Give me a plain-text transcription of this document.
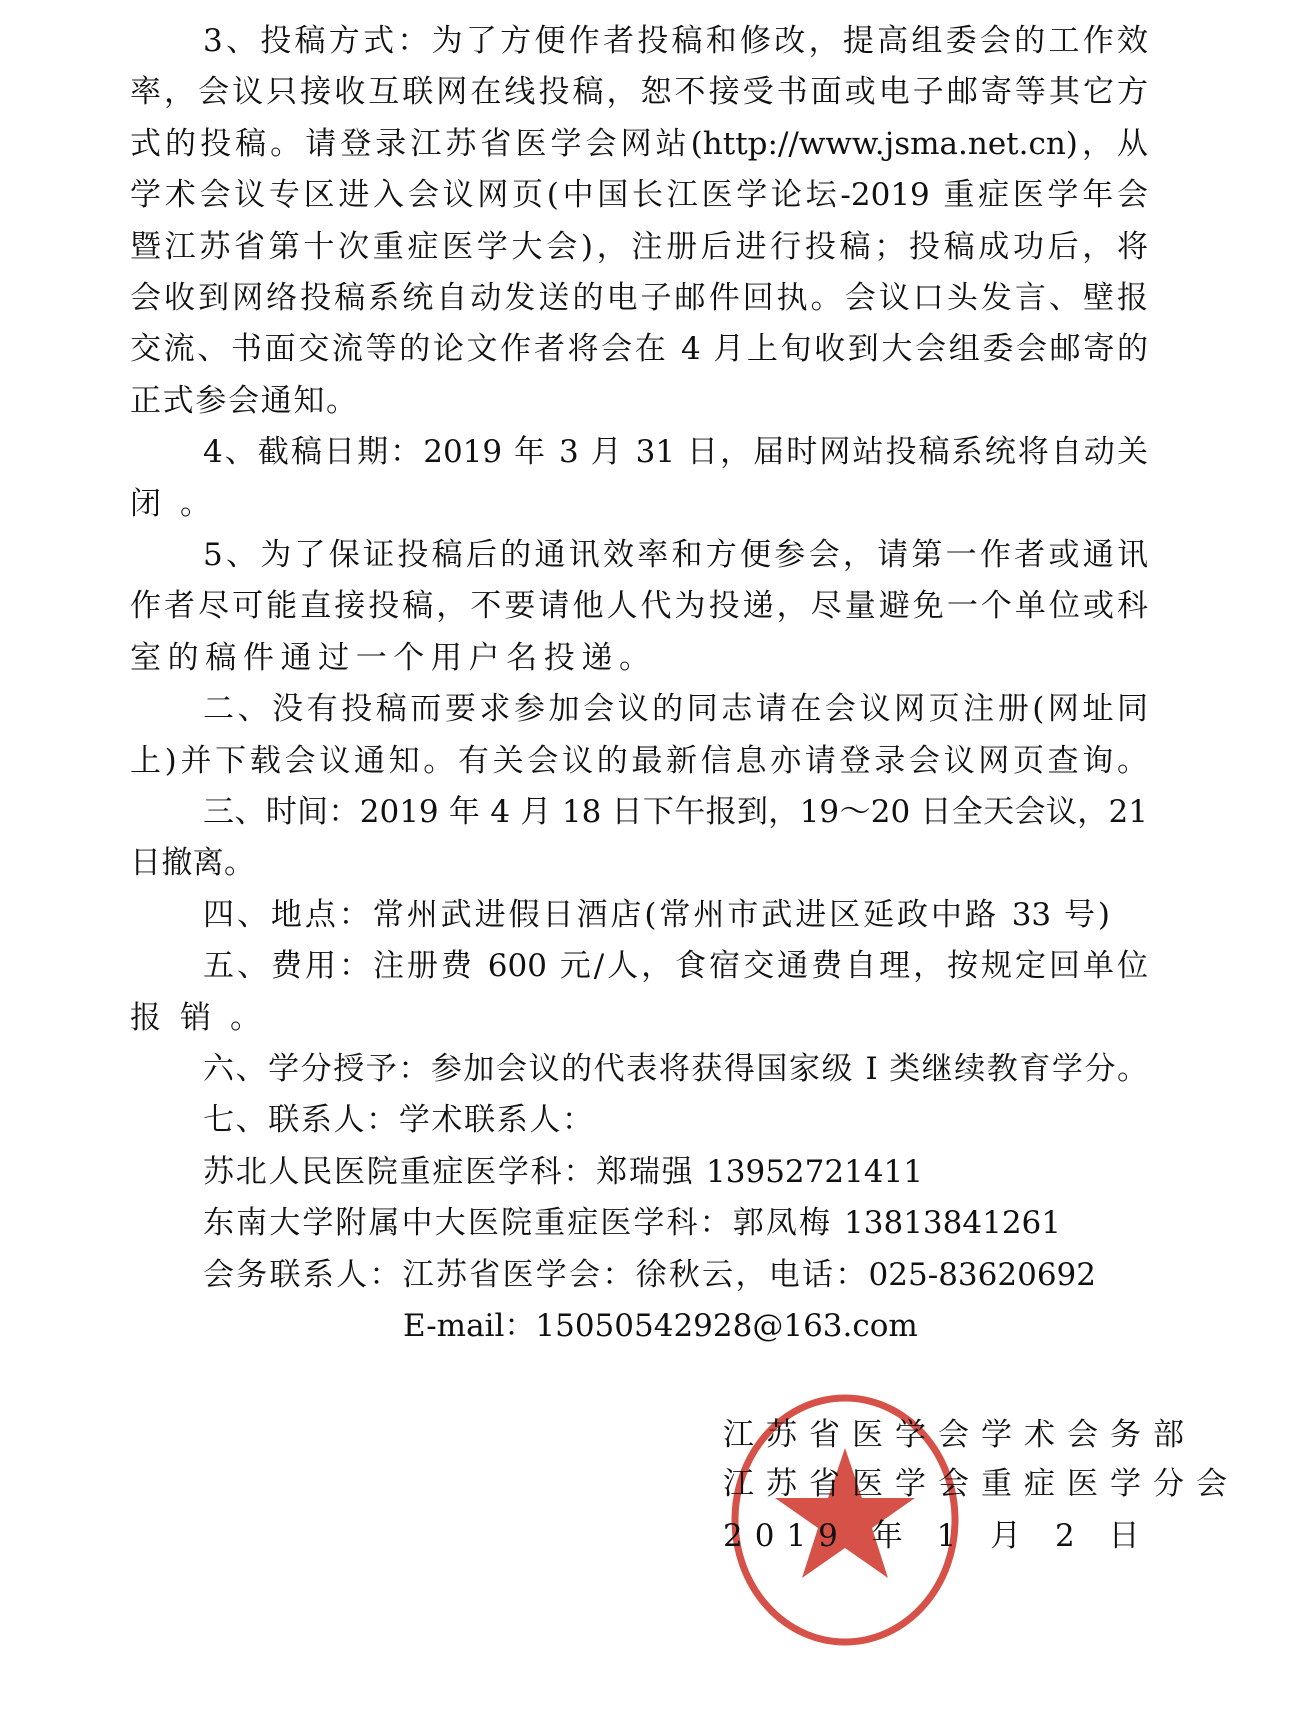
3、投稿方式：为了方便作者投稿和修改，提高组委会的工作效
率，会议只接收互联网在线投稿，恕不接受书面或电子邮寄等其它方
式的投稿。请登录江苏省医学会网站(http://www.jsma.net.cn)，从
学术会议专区进入会议网页(中国长江医学论坛-2019 重症医学年会
暨江苏省第十次重症医学大会)，注册后进行投稿；投稿成功后，将
会收到网络投稿系统自动发送的电子邮件回执。会议口头发言、壁报
交流、书面交流等的论文作者将会在 4 月上旬收到大会组委会邮寄的
正式参会通知。
4、截稿日期：2019 年 3 月 31 日，届时网站投稿系统将自动关
闭。
5、为了保证投稿后的通讯效率和方便参会，请第一作者或通讯
作者尽可能直接投稿，不要请他人代为投递，尽量避免一个单位或科
室的稿件通过一个用户名投递。
二、没有投稿而要求参加会议的同志请在会议网页注册(网址同
上)并下载会议通知。有关会议的最新信息亦请登录会议网页查询。
三、时间：2019 年 4 月 18 日下午报到，19～20 日全天会议，21
日撤离。
四、地点：常州武进假日酒店(常州市武进区延政中路 33 号)
五、费用：注册费 600 元/人，食宿交通费自理，按规定回单位
报销。
六、学分授予：参加会议的代表将获得国家级 I 类继续教育学分。
七、联系人：学术联系人：
苏北人民医院重症医学科：郑瑞强 13952721411
东南大学附属中大医院重症医学科：郭凤梅 13813841261
会务联系人：江苏省医学会：徐秋云，电话：025-83620692
E-mail：15050542928@163.com
江苏省医学会学术会务部
江苏省医学会重症医学分会
2019 年 1 月 2 日
